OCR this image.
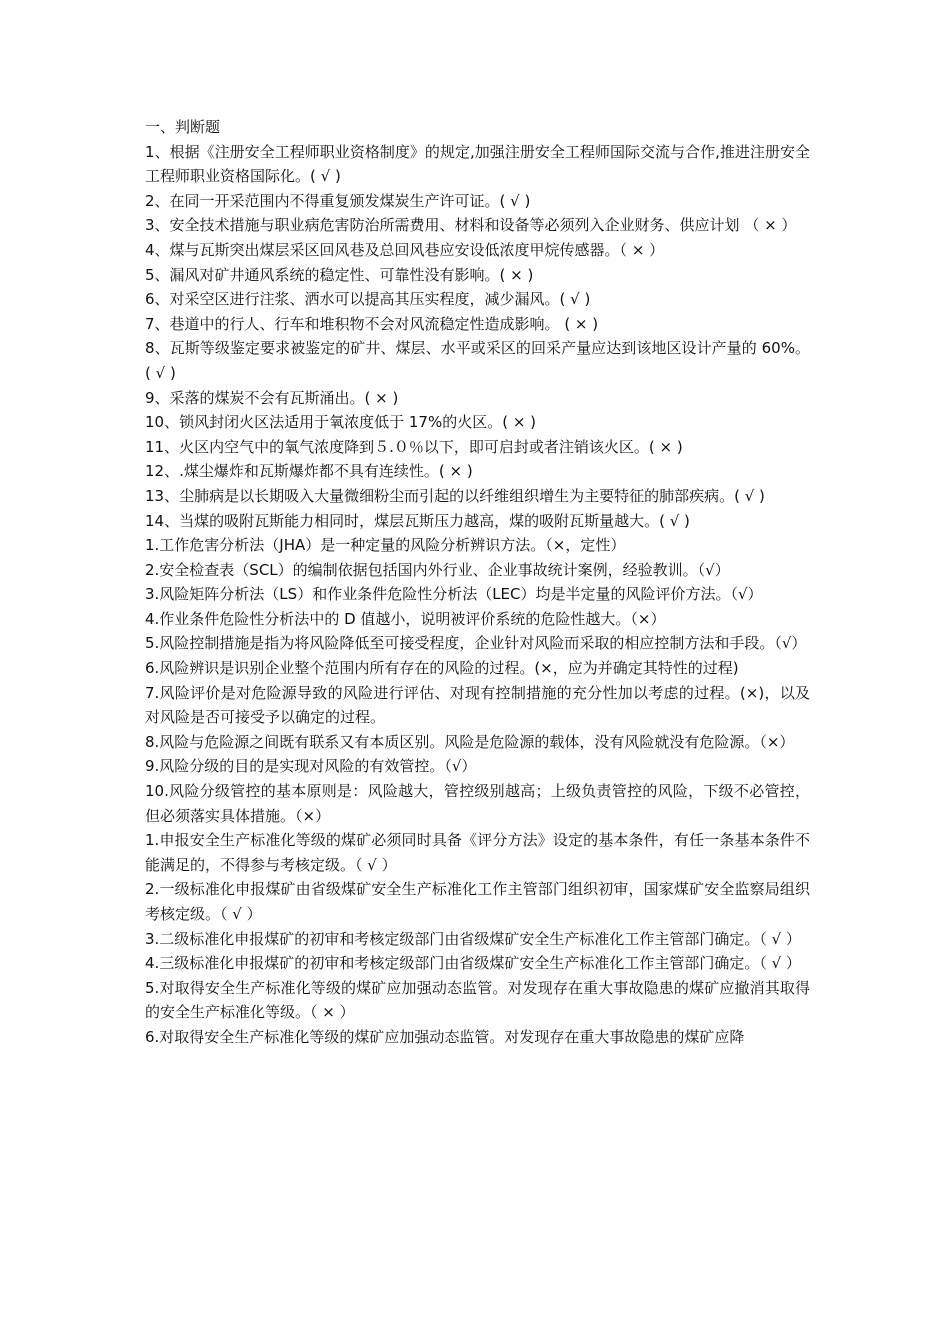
一、判断题

1、根据《注册安全工程师职业资格制度》的规定,加强注册安全工程师国际交流与合作,推进注册安全工程师职业资格国际化。( √ )

2、在同一开采范围内不得重复颁发煤炭生产许可证。( √ )

3、安全技术措施与职业病危害防治所需费用、材料和设备等必须列入企业财务、供应计划 （ × ）

4、煤与瓦斯突出煤层采区回风巷及总回风巷应安设低浓度甲烷传感器。（ × ）

5、漏风对矿井通风系统的稳定性、可靠性没有影响。( × )

6、对采空区进行注浆、洒水可以提高其压实程度，减少漏风。( √ )

7、巷道中的行人、行车和堆积物不会对风流稳定性造成影响。 ( × )

8、瓦斯等级鉴定要求被鉴定的矿井、煤层、水平或采区的回采产量应达到该地区设计产量的 60%。( √ )

9、采落的煤炭不会有瓦斯涌出。( × )

10、锁风封闭火区法适用于氧浓度低于 17%的火区。( × )

11、火区内空气中的氧气浓度降到５.０％以下，即可启封或者注销该火区。( × )

12、.煤尘爆炸和瓦斯爆炸都不具有连续性。( × )

13、尘肺病是以长期吸入大量微细粉尘而引起的以纤维组织增生为主要特征的肺部疾病。( √ )

14、当煤的吸附瓦斯能力相同时，煤层瓦斯压力越高，煤的吸附瓦斯量越大。( √ )

1.工作危害分析法（JHA）是一种定量的风险分析辨识方法。（×，定性）

2.安全检查表（SCL）的编制依据包括国内外行业、企业事故统计案例，经验教训。（√）

3.风险矩阵分析法（LS）和作业条件危险性分析法（LEC）均是半定量的风险评价方法。（√）

4.作业条件危险性分析法中的 D 值越小，说明被评价系统的危险性越大。（×）

5.风险控制措施是指为将风险降低至可接受程度，企业针对风险而采取的相应控制方法和手段。（√）

6.风险辨识是识别企业整个范围内所有存在的风险的过程。(×，应为并确定其特性的过程)

7.风险评价是对危险源导致的风险进行评估、对现有控制措施的充分性加以考虑的过程。(×)，以及对风险是否可接受予以确定的过程。

8.风险与危险源之间既有联系又有本质区别。风险是危险源的载体，没有风险就没有危险源。（×）

9.风险分级的目的是实现对风险的有效管控。（√）

10.风险分级管控的基本原则是：风险越大，管控级别越高；上级负责管控的风险，下级不必管控，但必须落实具体措施。（×）

1.申报安全生产标准化等级的煤矿必须同时具备《评分方法》设定的基本条件，有任一条基本条件不能满足的，不得参与考核定级。（ √ ）

2.一级标准化申报煤矿由省级煤矿安全生产标准化工作主管部门组织初审，国家煤矿安全监察局组织考核定级。（ √ ）

3.二级标准化申报煤矿的初审和考核定级部门由省级煤矿安全生产标准化工作主管部门确定。（ √ ）

4.三级标准化申报煤矿的初审和考核定级部门由省级煤矿安全生产标准化工作主管部门确定。（ √ ）

5.对取得安全生产标准化等级的煤矿应加强动态监管。对发现存在重大事故隐患的煤矿应撤消其取得的安全生产标准化等级。（ × ）

6.对取得安全生产标准化等级的煤矿应加强动态监管。对发现存在重大事故隐患的煤矿应降
